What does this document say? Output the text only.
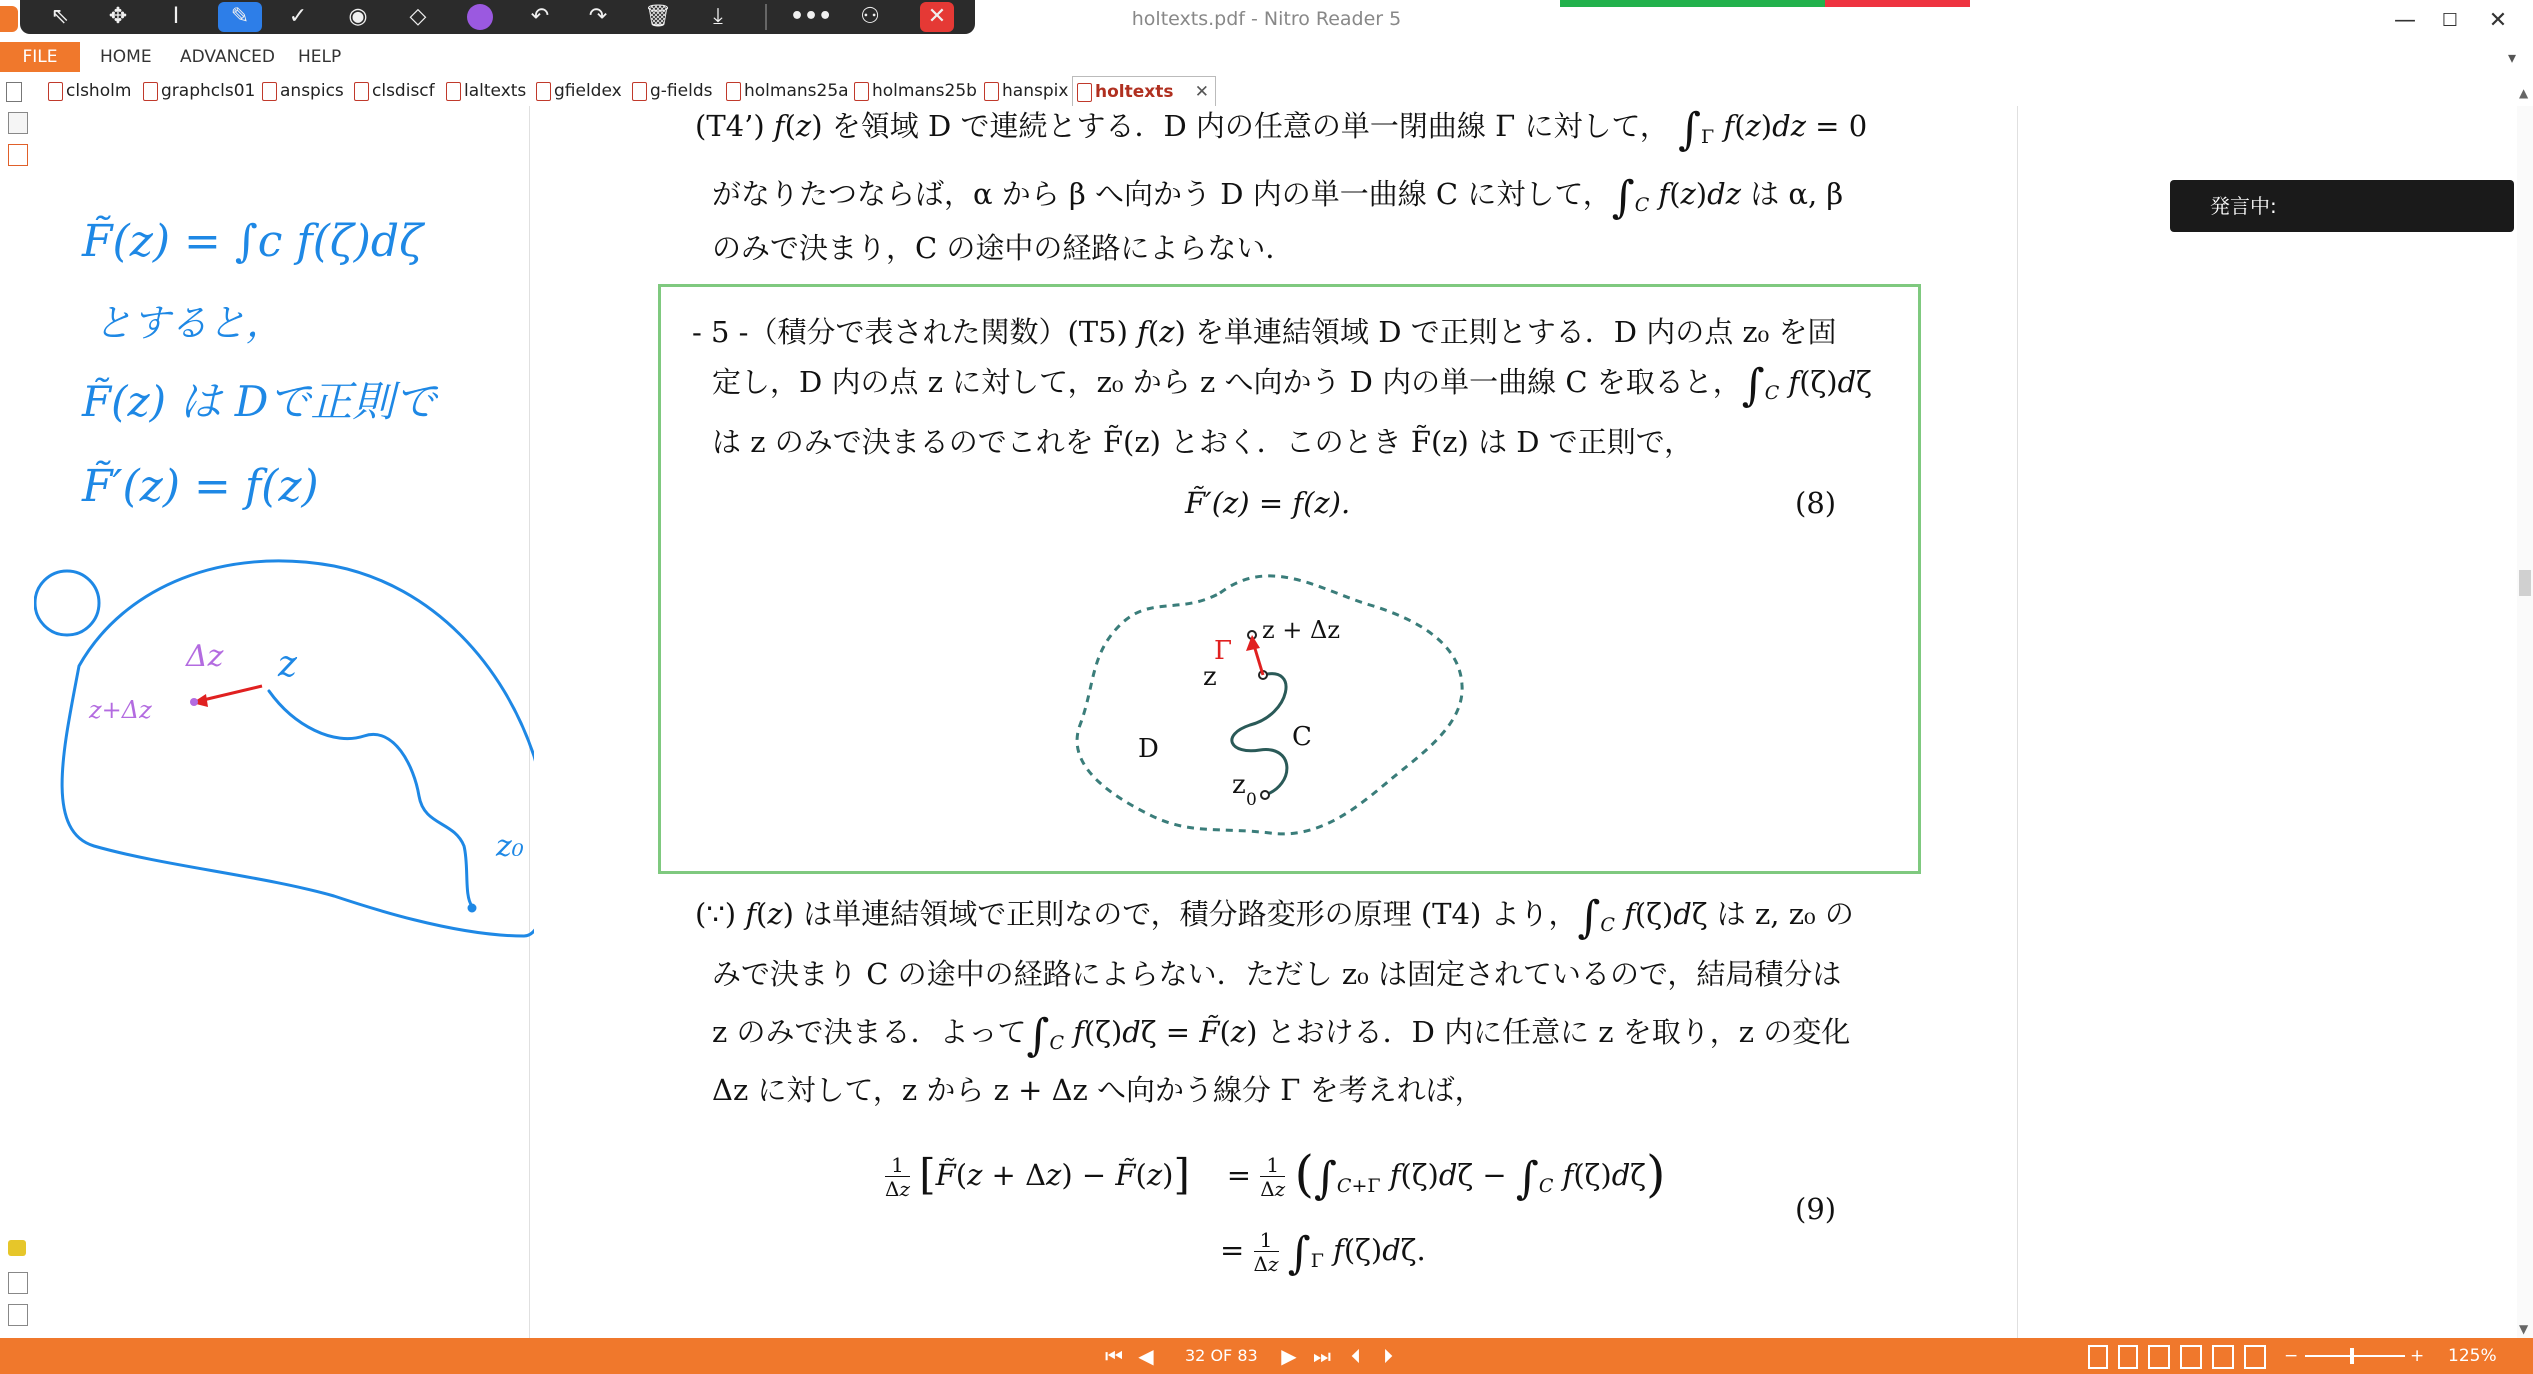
holtexts.pdf - Nitro Reader 5	—	☐	✕
⇖	✥	I	✎	✓	◉	◇	↶	↷	🗑	⤓	•••	⚇	✕
FILE	HOME ADVANCED HELP	▾
clsholm	graphcls01	anspics	clsdiscf	laltexts	gfieldex	g-fields	holmans25a	holmans25b	hanspix	holtexts ✕	▲
▼
(T4’) f(z) を領域 D で連続とする．D 内の任意の単一閉曲線 Γ に対して， $\int_\Gamma$ f(z)dz = 0
がなりたつならば，α から β へ向かう D 内の単一曲線 C に対して，$\int_C$ f(z)dz は α, β
のみで決まり，C の途中の経路によらない．
- 5 -（積分で表された関数）(T5) f(z) を単連結領域 D で正則とする．D 内の点 z₀ を固
定し，D 内の点 z に対して，z₀ から z へ向かう D 内の単一曲線 C を取ると，$\int_C$ f(ζ)dζ
は z のみで決まるのでこれを F̃(z) とおく．このとき F̃(z) は D で正則で，
F̃′(z) = f(z).	(8)
D	C
z
z 0
z + Δz
Γ
(∵) f(z) は単連結領域で正則なので，積分路変形の原理 (T4) より，$\int_C$ f(ζ)dζ は z, z₀ の
みで決まり C の途中の経路によらない．ただし z₀ は固定されているので，結局積分は
z のみで決まる．よって$\int_C$ f(ζ)dζ = F̃(z) とおける．D 内に任意に z を取り，z の変化
Δz に対して，z から z + Δz へ向かう線分 Γ を考えれば，
$\frac{1}{\Delta z}$ [F̃(z + Δz) − F̃(z)]    = $\frac{1}{\Delta z} (\int_{C+\Gamma}$ $f(\zeta)d\zeta - \int_C$ f(ζ)dζ)
= $\frac{1}{\Delta z} \int_\Gamma$ f(ζ)dζ.
(9)
F̃(z) = ∫c f(ζ)dζ
とすると，
F̃(z) は Dで正則で
F̃′(z) = f(z)
Δz z
z+Δz
z₀
発言中:
⏮ ◀	32 OF 83	▶ ⏭	⏴	⏵	−	+ 125%
